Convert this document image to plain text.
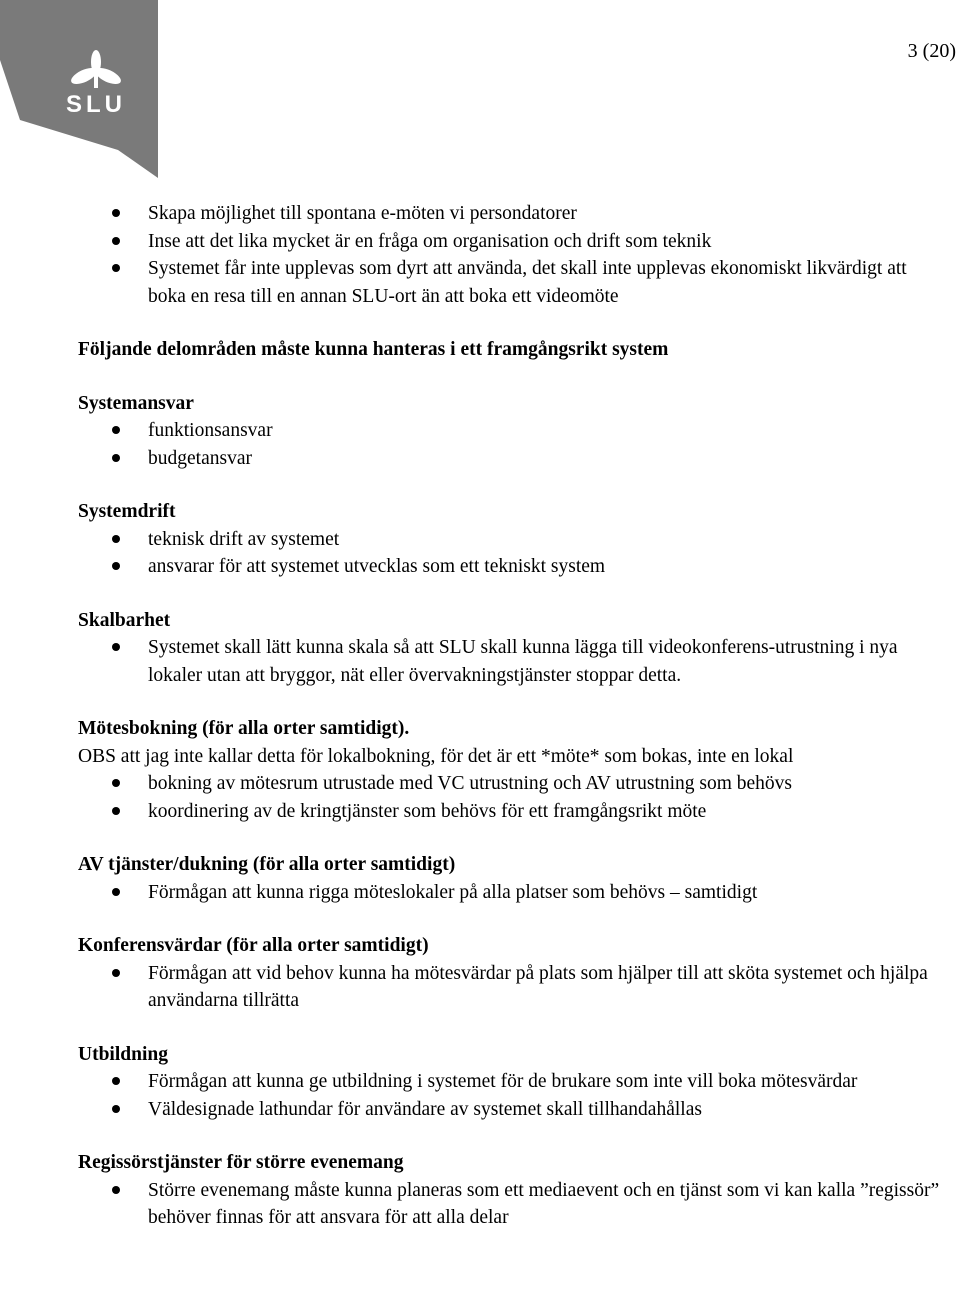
SLU
3 (20)
Skapa möjlighet till spontana e-möten vi persondatorer
Inse att det lika mycket är en fråga om organisation och drift som teknik
Systemet får inte upplevas som dyrt att använda, det skall inte upplevas ekonomiskt likvärdigt att boka en resa till en annan SLU-ort än att boka ett videomöte
Följande delområden måste kunna hanteras i ett framgångsrikt system
Systemansvar
funktionsansvar
budgetansvar
Systemdrift
teknisk drift av systemet
ansvarar för att systemet utvecklas som ett tekniskt system
Skalbarhet
Systemet skall lätt kunna skala så att SLU skall kunna lägga till videokonferens-utrustning i nya lokaler utan att bryggor, nät eller övervakningstjänster stoppar detta.
Mötesbokning (för alla orter samtidigt).

OBS att jag inte kallar detta för lokalbokning, för det är ett *möte* som bokas, inte en lokal

bokning av mötesrum utrustade med VC utrustning och AV utrustning som behövs
koordinering av de kringtjänster som behövs för ett framgångsrikt möte
AV tjänster/dukning (för alla orter samtidigt)
Förmågan att kunna rigga möteslokaler på alla platser som behövs – samtidigt
Konferensvärdar (för alla orter samtidigt)
Förmågan att vid behov kunna ha mötesvärdar på plats som hjälper till att sköta systemet och hjälpa användarna tillrätta
Utbildning
Förmågan att kunna ge utbildning i systemet för de brukare som inte vill boka mötesvärdar
Väldesignade lathundar för användare av systemet skall tillhandahållas
Regissörstjänster för större evenemang
Större evenemang måste kunna planeras som ett mediaevent och en tjänst som vi kan kalla ”regissör” behöver finnas för att ansvara för att alla delar
